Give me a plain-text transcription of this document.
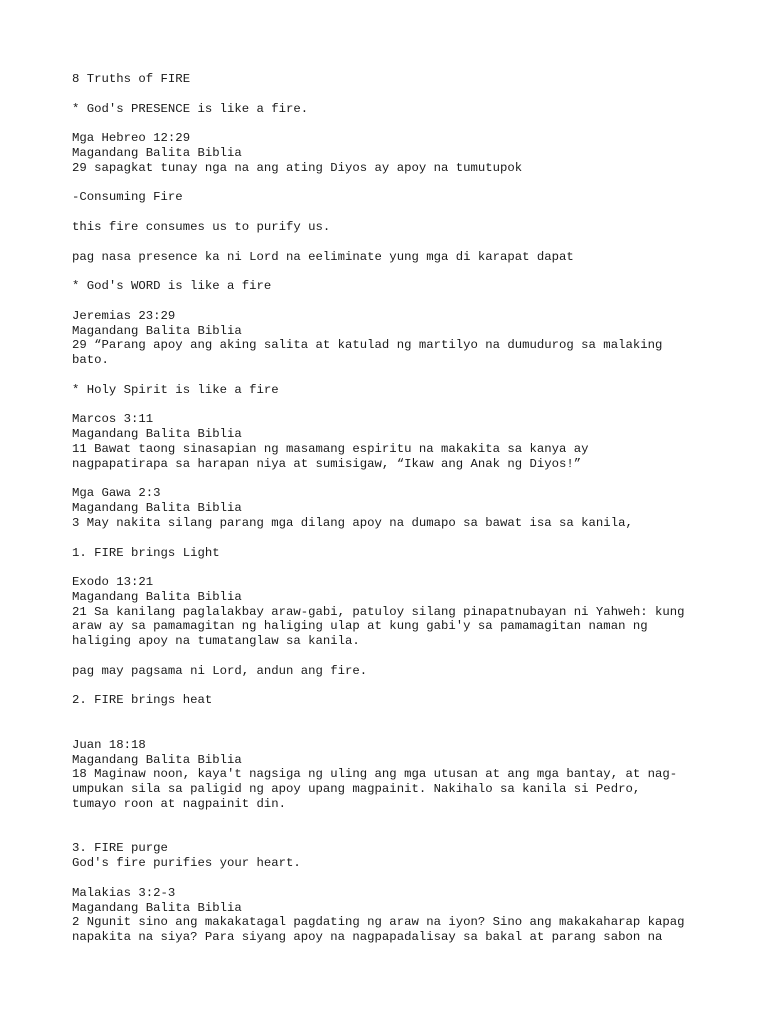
8 Truths of FIRE
* God's PRESENCE is like a fire.
Mga Hebreo 12:29
Magandang Balita Biblia
29 sapagkat tunay nga na ang ating Diyos ay apoy na tumutupok
-Consuming Fire
this fire consumes us to purify us.
pag nasa presence ka ni Lord na eeliminate yung mga di karapat dapat
* God's WORD is like a fire
Jeremias 23:29
Magandang Balita Biblia
29 “Parang apoy ang aking salita at katulad ng martilyo na dumudurog sa malaking
bato.
* Holy Spirit is like a fire
Marcos 3:11
Magandang Balita Biblia
11 Bawat taong sinasapian ng masamang espiritu na makakita sa kanya ay
nagpapatirapa sa harapan niya at sumisigaw, “Ikaw ang Anak ng Diyos!”
Mga Gawa 2:3
Magandang Balita Biblia
3 May nakita silang parang mga dilang apoy na dumapo sa bawat isa sa kanila,
1. FIRE brings Light
Exodo 13:21
Magandang Balita Biblia
21 Sa kanilang paglalakbay araw-gabi, patuloy silang pinapatnubayan ni Yahweh: kung
araw ay sa pamamagitan ng haliging ulap at kung gabi'y sa pamamagitan naman ng
haliging apoy na tumatanglaw sa kanila.
pag may pagsama ni Lord, andun ang fire.
2. FIRE brings heat
Juan 18:18
Magandang Balita Biblia
18 Maginaw noon, kaya't nagsiga ng uling ang mga utusan at ang mga bantay, at nag-
umpukan sila sa paligid ng apoy upang magpainit. Nakihalo sa kanila si Pedro,
tumayo roon at nagpainit din.
3. FIRE purge
God's fire purifies your heart.
Malakias 3:2-3
Magandang Balita Biblia
2 Ngunit sino ang makakatagal pagdating ng araw na iyon? Sino ang makakaharap kapag
napakita na siya? Para siyang apoy na nagpapadalisay sa bakal at parang sabon na
